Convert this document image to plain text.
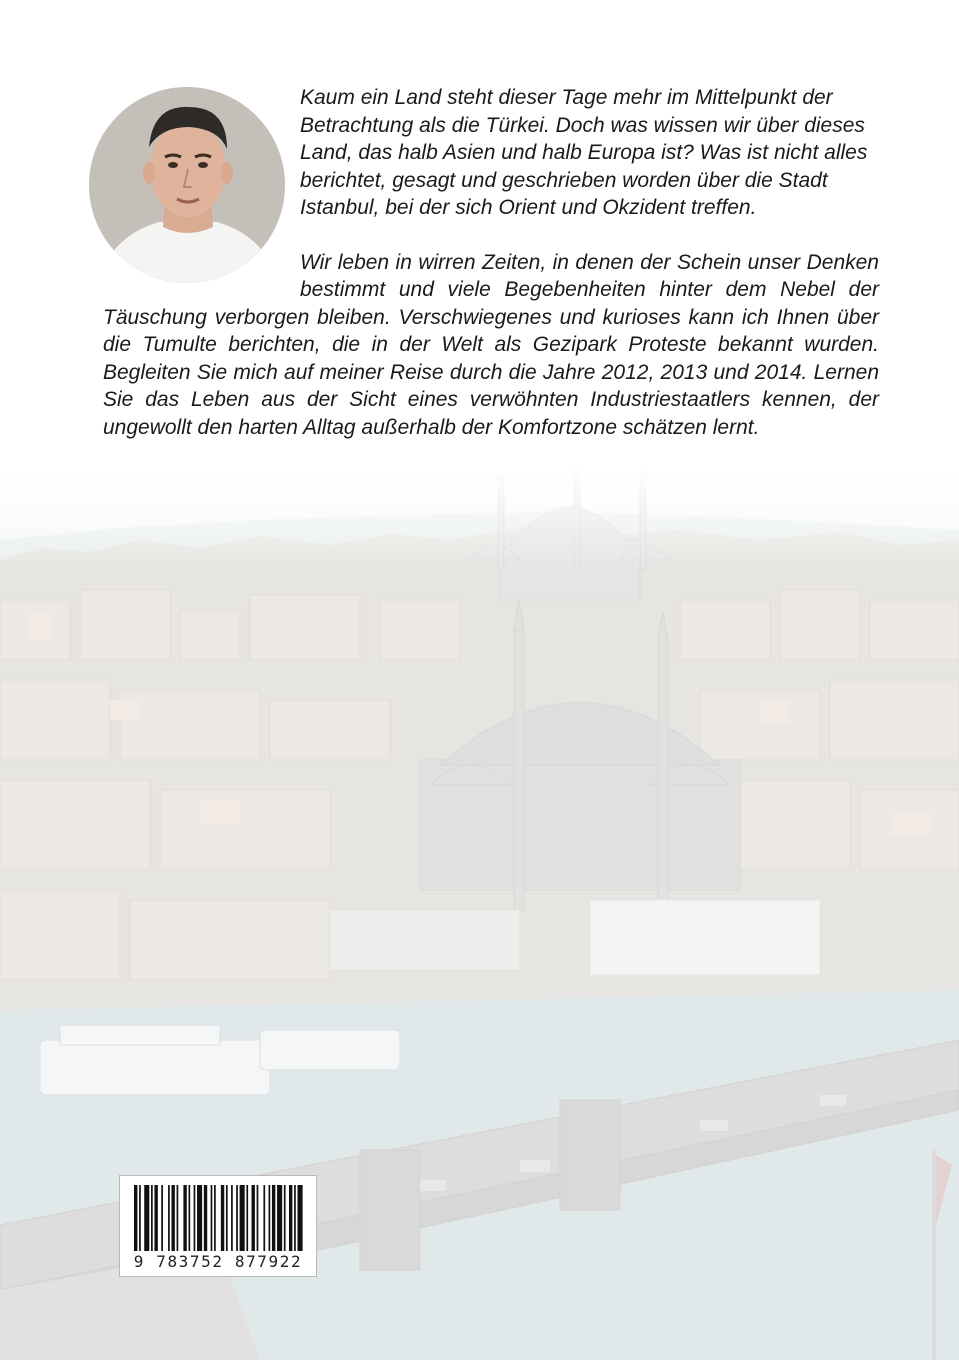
Kaum ein Land steht dieser Tage mehr im Mittelpunkt der Betrachtung als die Türkei. Doch was wissen wir über dieses Land, das halb Asien und halb Europa ist? Was ist nicht alles berichtet, gesagt und geschrieben worden über die Stadt Istanbul, bei der sich Orient und Okzident treffen.

Wir leben in wirren Zeiten, in denen der Schein unser Denken bestimmt und viele Begebenheiten hinter dem Nebel der Täuschung verborgen bleiben. Verschwiegenes und kurioses kann ich Ihnen über die Tumulte berichten, die in der Welt als Gezipark Proteste bekannt wurden. Begleiten Sie mich auf meiner Reise durch die Jahre 2012, 2013 und 2014. Lernen Sie das Leben aus der Sicht eines verwöhnten Industriestaatlers kennen, der ungewollt den harten Alltag außerhalb der Komfortzone schätzen lernt.

9 783752 877922
